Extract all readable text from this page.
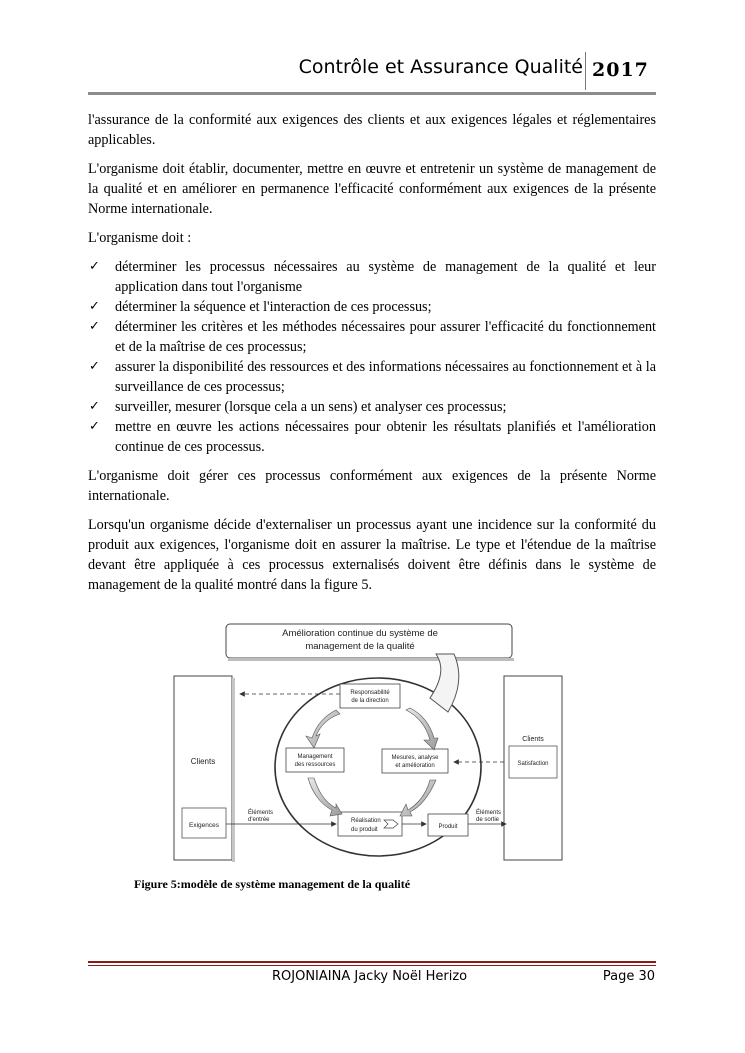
Contrôle et Assurance Qualité 2017

l'assurance de la conformité aux exigences des clients et aux exigences légales et réglementaires applicables.

L'organisme doit établir, documenter, mettre en œuvre et entretenir un système de management de la qualité et en améliorer en permanence l'efficacité conformément aux exigences de la présente Norme internationale.

L'organisme doit :

✓ déterminer les processus nécessaires au système de management de la qualité et leur application dans tout l'organisme
✓ déterminer la séquence et l'interaction de ces processus;
✓ déterminer les critères et les méthodes nécessaires pour assurer l'efficacité du fonctionnement et de la maîtrise de ces processus;
✓ assurer la disponibilité des ressources et des informations nécessaires au fonctionnement et à la surveillance de ces processus;
✓ surveiller, mesurer (lorsque cela a un sens) et analyser ces processus;
✓ mettre en œuvre les actions nécessaires pour obtenir les résultats planifiés et l'amélioration continue de ces processus.

L'organisme doit gérer ces processus conformément aux exigences de la présente Norme internationale.

Lorsqu'un organisme décide d'externaliser un processus ayant une incidence sur la conformité du produit aux exigences, l'organisme doit en assurer la maîtrise. Le type et l'étendue de la maîtrise devant être appliquée à ces processus externalisés doivent être définis dans le système de management de la qualité montré dans la figure 5.

Amélioration continue du système de
management de la qualité
Clients
Exigences
Clients
Satisfaction
Responsabilité
de la direction
Management
des ressources
Mesures, analyse
et amélioration
Réalisation
du produit	Produit
Éléments
d'entrée
Éléments
de sortie
Figure 5:modèle de système management de la qualité
ROJONIAINA Jacky Noël Herizo	Page 30
